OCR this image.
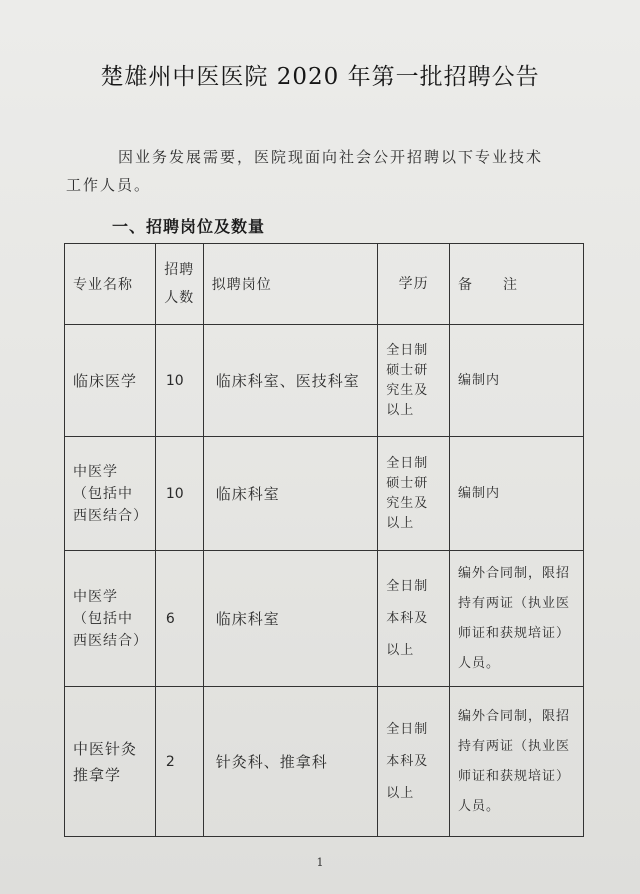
楚雄州中医医院 2020 年第一批招聘公告
因业务发展需要，医院现面向社会公开招聘以下专业技术
工作人员。
一、招聘岗位及数量
专业名称	招聘人数	拟聘岗位	学历	备　　注
临床医学	10	临床科室、医技科室	全日制硕士研究生及以上	编制内
中医学（包括中西医结合）	10	临床科室	全日制硕士研究生及以上	编制内
中医学（包括中西医结合）	6	临床科室	全日制本科及以上	编外合同制，限招持有两证（执业医师证和获规培证）人员。
中医针灸推拿学	2	针灸科、推拿科	全日制本科及以上	编外合同制，限招持有两证（执业医师证和获规培证）人员。
1
